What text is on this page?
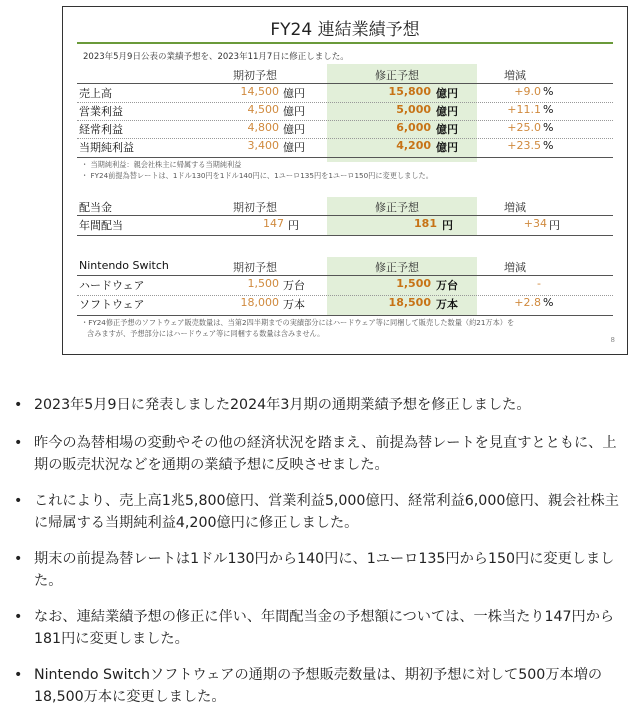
FY24 連結業績予想
2023年5月9日公表の業績予想を、2023年11月7日に修正しました。
期初予想	修正予想	増減
売上高	14,500 億円	15,800 億円	+9.0 %
営業利益	4,500 億円	5,000 億円	+11.1 %
経常利益	4,800 億円	6,000 億円	+25.0 %
当期純利益	3,400 億円	4,200 億円	+23.5 %
・ 当期純利益：親会社株主に帰属する当期純利益
・ FY24前提為替レートは、1ドル130円を1ドル140円に、1ユーロ135円を1ユーロ150円に変更しました。
配当金	期初予想	修正予想	増減
年間配当	147 円	181 円	+34 円
Nintendo Switch	期初予想	修正予想	増減
ハードウェア	1,500 万台	1,500 万台	-
ソフトウェア	18,000 万本	18,500 万本	+2.8 %
・FY24修正予想のソフトウェア販売数量は、当第2四半期までの実績部分にはハードウェア等に同梱して販売した数量（約21万本）を
含みますが、予想部分にはハードウェア等に同梱する数量は含みません。
8
• 2023年5月9日に発表しました2024年3月期の通期業績予想を修正しました。
• 昨今の為替相場の変動やその他の経済状況を踏まえ、前提為替レートを見直すとともに、上期の販売状況などを通期の業績予想に反映させました。
• これにより、売上高1兆5,800億円、営業利益5,000億円、経常利益6,000億円、親会社株主に帰属する当期純利益4,200億円に修正しました。
• 期末の前提為替レートは1ドル130円から140円に、1ユーロ135円から150円に変更しました。
• なお、連結業績予想の修正に伴い、年間配当金の予想額については、一株当たり147円から181円に変更しました。
• Nintendo Switchソフトウェアの通期の予想販売数量は、期初予想に対して500万本増の18,500万本に変更しました。
